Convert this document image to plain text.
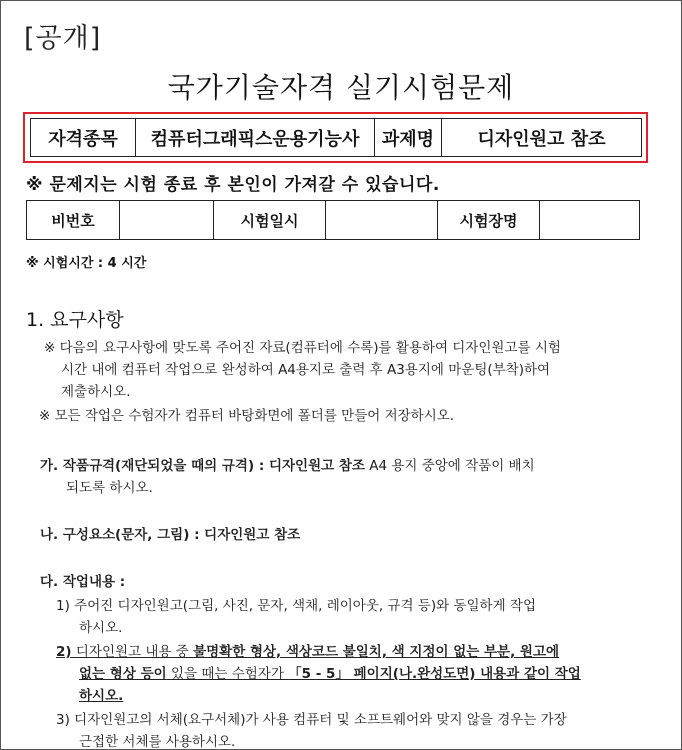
[공개]
국가기술자격 실기시험문제
자격종목	컴퓨터그래픽스운용기능사	과제명	디자인원고 참조
※ 문제지는 시험 종료 후 본인이 가져갈 수 있습니다.
비번호		시험일시		시험장명	
※ 시험시간 : 4 시간
1. 요구사항
※ 다음의 요구사항에 맞도록 주어진 자료(컴퓨터에 수록)를 활용하여 디자인원고를 시험
시간 내에 컴퓨터 작업으로 완성하여 A4용지로 출력 후 A3용지에 마운팅(부착)하여
제출하시오.
※ 모든 작업은 수험자가 컴퓨터 바탕화면에 폴더를 만들어 저장하시오.
가. 작품규격(재단되었을 때의 규격) : 디자인원고 참조 A4 용지 중앙에 작품이 배치
되도록 하시오.
나. 구성요소(문자, 그림) : 디자인원고 참조
다. 작업내용 :
1) 주어진 디자인원고(그림, 사진, 문자, 색채, 레이아웃, 규격 등)와 동일하게 작업
하시오.
2) 디자인원고 내용 중 불명확한 형상, 색상코드 불일치, 색 지정이 없는 부분, 원고에
없는 형상 등이 있을 때는 수험자가 「5 - 5」 페이지(나.완성도면) 내용과 같이 작업
하시오.
3) 디자인원고의 서체(요구서체)가 사용 컴퓨터 및 소프트웨어와 맞지 않을 경우는 가장
근접한 서체를 사용하시오.
